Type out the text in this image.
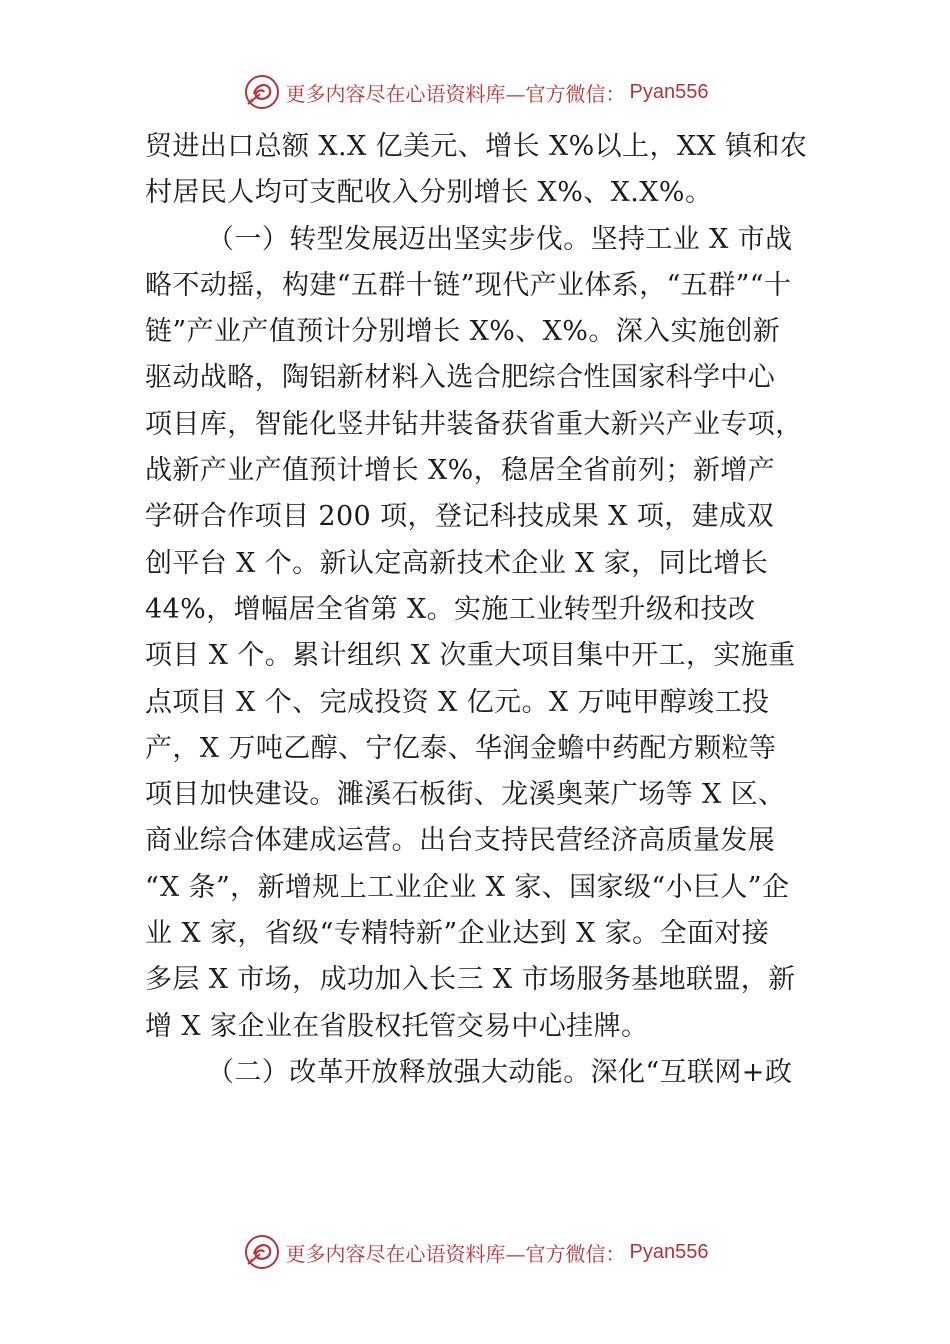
更多内容尽在心语资料库—官方微信： Pyan556
贸进出口总额 X.X 亿美元、增长 X%以上，XX 镇和农
村居民人均可支配收入分别增长 X%、X.X%。
（一）转型发展迈出坚实步伐。坚持工业 X 市战
略不动摇，构建“五群十链”现代产业体系，“五群”“十
链”产业产值预计分别增长 X%、X%。深入实施创新
驱动战略，陶铝新材料入选合肥综合性国家科学中心
项目库，智能化竖井钻井装备获省重大新兴产业专项，
战新产业产值预计增长 X%，稳居全省前列；新增产
学研合作项目 200 项，登记科技成果 X 项，建成双
创平台 X 个。新认定高新技术企业 X 家，同比增长
44%，增幅居全省第 X。实施工业转型升级和技改
项目 X 个。累计组织 X 次重大项目集中开工，实施重
点项目 X 个、完成投资 X 亿元。X 万吨甲醇竣工投
产，X 万吨乙醇、宁亿泰、华润金蟾中药配方颗粒等
项目加快建设。濉溪石板街、龙溪奥莱广场等 X 区、
商业综合体建成运营。出台支持民营经济高质量发展
“X 条”，新增规上工业企业 X 家、国家级“小巨人”企
业 X 家，省级“专精特新”企业达到 X 家。全面对接
多层 X 市场，成功加入长三 X 市场服务基地联盟，新
增 X 家企业在省股权托管交易中心挂牌。
（二）改革开放释放强大动能。深化“互联网+政
更多内容尽在心语资料库—官方微信： Pyan556
